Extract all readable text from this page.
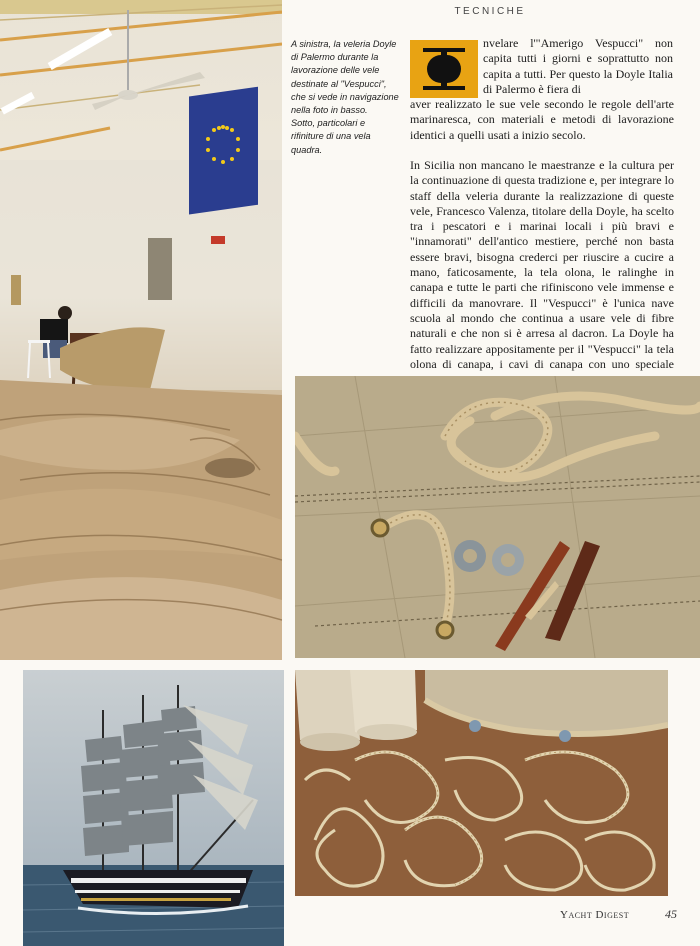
TECNICHE

A sinistra, la veleria Doyle di Palermo durante la lavorazione delle vele destinate al "Vespucci", che si vede in navigazione nella foto in basso.

Sotto, particolari e rifiniture di una vela quadra.

nvelare l'"Amerigo Vespucci" non capita tutti i giorni e soprattutto non capita a tutti. Per questo la Doyle Italia di Palermo è fiera di

aver realizzato le sue vele secondo le regole dell'arte marinaresca, con materiali e metodi di lavorazione identici a quelli usati a inizio secolo.

In Sicilia non mancano le maestranze e la cultura per la continuazione di questa tradizione e, per integrare lo staff della veleria durante la realizzazione di queste vele, Francesco Valenza, titolare della Doyle, ha scelto tra i pescatori e i marinai locali i più bravi e "innamorati" dell'antico mestiere, perché non basta essere bravi, bisogna crederci per riuscire a cucire a mano, faticosamente, la tela olona, le ralinghe in canapa e tutte le parti che rifiniscono vele immense e difficili da manovrare. Il "Vespucci" è l'unica nave scuola al mondo che continua a usare vele di fibre naturali e che non si è arresa al dacron. La Doyle ha fatto realizzare appositamente per il "Vespucci" la tela olona di canapa, i cavi di canapa con uno speciale

Yacht Digest	45
